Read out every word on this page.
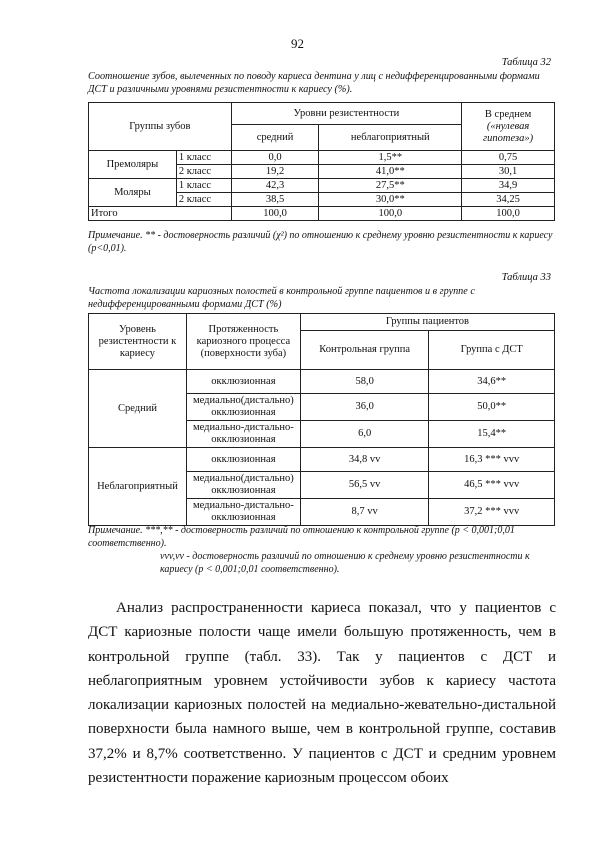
92
Таблица 32
Соотношение зубов, вылеченных по поводу кариеса дентина у лиц с недифференцированными формами ДСТ и различными уровнями резистентности к кариесу (%).
Группы зубов		Уровни резистентности		В среднем
(«нулевая гипотеза»)
		средний	неблагоприятный	
Премоляры	1 класс	0,0	1,5**	0,75
	2 класс	19,2	41,0**	30,1
Моляры	1 класс	42,3	27,5**	34,9
	2 класс	38,5	30,0**	34,25
Итого		100,0	100,0	100,0
Примечание. ** - достоверность различий (χ²) по отношению к среднему уровню резистентности к кариесу (p<0,01).
Таблица 33
Частота локализации кариозных полостей в контрольной группе пациентов и в группе с недифференцированными формами ДСТ (%)
Уровень резистентности к кариесу	Протяженность кариозного процесса (поверхности зуба)	Группы пациентов	
		Контрольная группа	Группа с ДСТ
Средний	окклюзионная	58,0	34,6**
	медиально(дистально) окклюзионная	36,0	50,0**
	медиально-дистально-окклюзионная	6,0	15,4**
Неблагоприятный	окклюзионная	34,8 vv	16,3 *** vvv
	медиально(дистально) окклюзионная	56,5 vv	46,5 *** vvv
	медиально-дистально-окклюзионная	8,7 vv	37,2 *** vvv
Примечание. ***,** - достоверность различий по отношению к контрольной группе (p < 0,001;0,01 соответственно).
vvv,vv - достоверность различий по отношению к среднему уровню резистентности к кариесу (p < 0,001;0,01 соответственно).

Анализ распространенности кариеса показал, что у пациентов с ДСТ кариозные полости чаще имели большую протяженность, чем в контрольной группе (табл. 33). Так у пациентов с ДСТ и неблагоприятным уровнем устойчивости зубов к кариесу частота локализации кариозных полостей на медиально-жевательно-дистальной поверхности была намного выше, чем в контрольной группе, составив 37,2% и 8,7% соответственно. У пациентов с ДСТ и средним уровнем резистентности поражение кариозным процессом обоих
